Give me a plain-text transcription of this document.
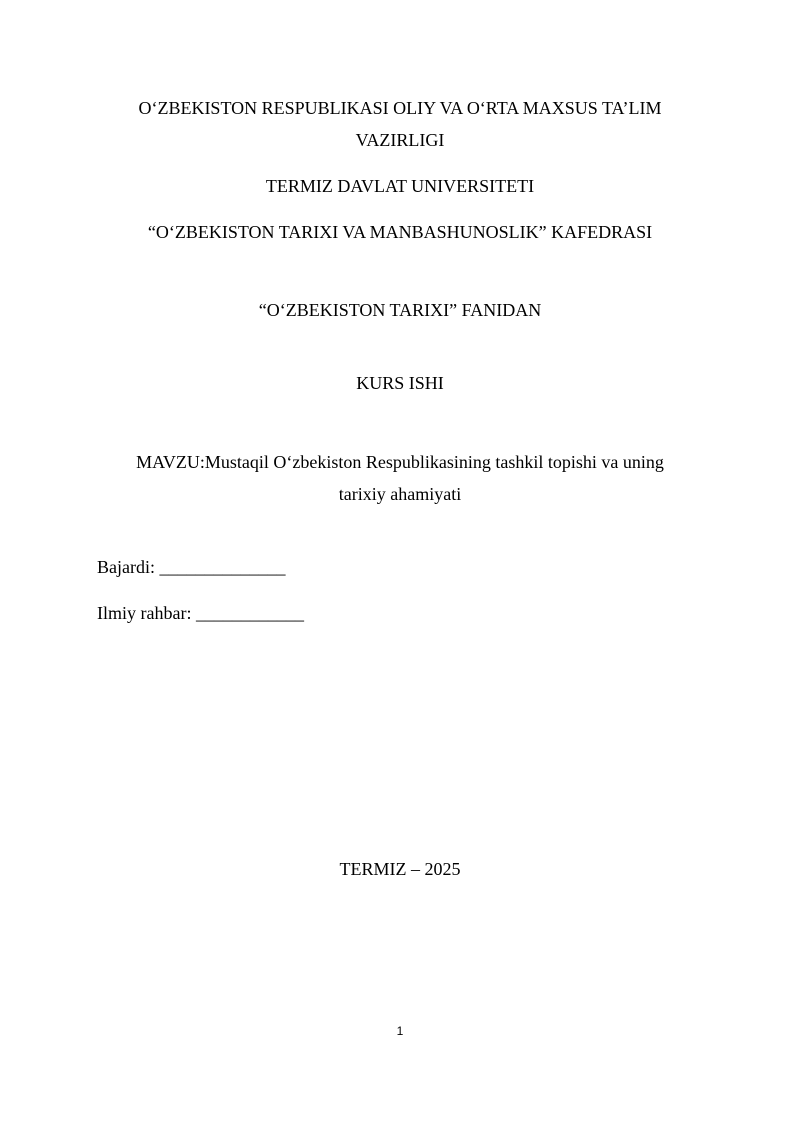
O‘ZBEKISTON RESPUBLIKASI OLIY VA O‘RTA MAXSUS TA’LIM
VAZIRLIGI
TERMIZ DAVLAT UNIVERSITETI
“O‘ZBEKISTON TARIXI VA MANBASHUNOSLIK” KAFEDRASI
“O‘ZBEKISTON TARIXI” FANIDAN
KURS ISHI
MAVZU:Mustaqil O‘zbekiston Respublikasining tashkil topishi va uning
tarixiy ahamiyati
Bajardi: ______________
Ilmiy rahbar: ____________
TERMIZ – 2025
1
